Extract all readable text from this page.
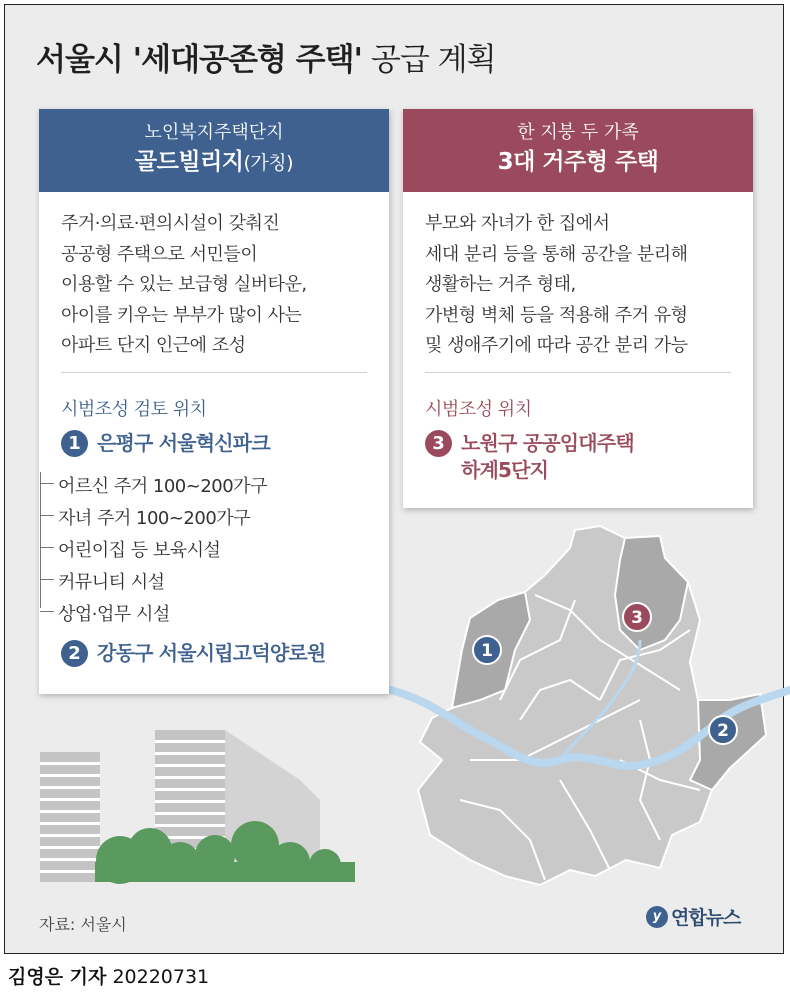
서울시 '세대공존형 주택' 공급 계획
1
3
2
노인복지주택단지
골드빌리지(가칭)
주거·의료·편의시설이 갖춰진
공공형 주택으로 서민들이
이용할 수 있는 보급형 실버타운,
아이를 키우는 부부가 많이 사는
아파트 단지 인근에 조성
시범조성 검토 위치
1 은평구 서울혁신파크
2 강동구 서울시립고덕양로원
어르신 주거 100~200가구
자녀 주거 100~200가구
어린이집 등 보육시설
커뮤니티 시설
상업·업무 시설
한 지붕 두 가족
3대 거주형 주택
부모와 자녀가 한 집에서
세대 분리 등을 통해 공간을 분리해
생활하는 거주 형태,
가변형 벽체 등을 적용해 주거 유형
및 생애주기에 따라 공간 분리 가능
시범조성 위치
3 노원구 공공임대주택
하계5단지
자료: 서울시	y 연합뉴스
김영은 기자 20220731
